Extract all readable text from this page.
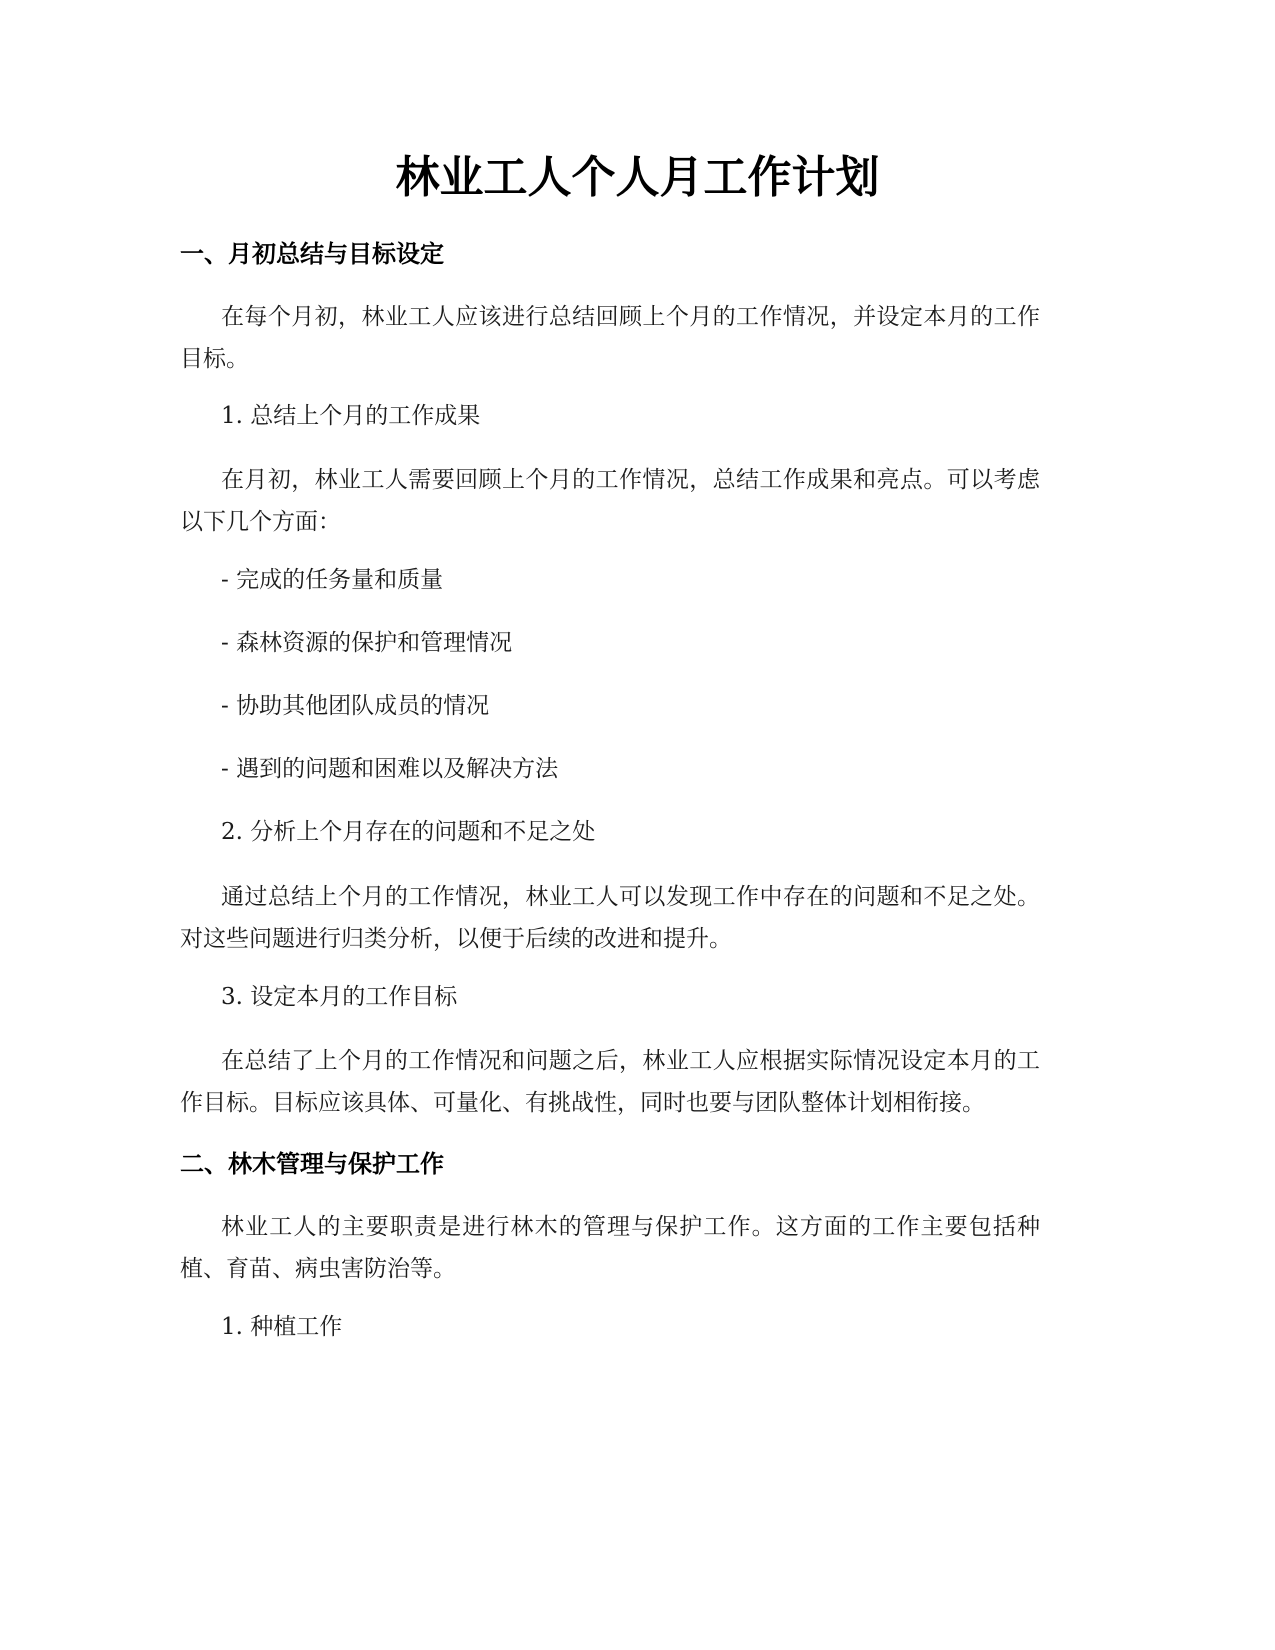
林业工人个人月工作计划
一、月初总结与目标设定

在每个月初，林业工人应该进行总结回顾上个月的工作情况，并设定本月的工作目标。

1. 总结上个月的工作成果

在月初，林业工人需要回顾上个月的工作情况，总结工作成果和亮点。可以考虑以下几个方面：

- 完成的任务量和质量

- 森林资源的保护和管理情况

- 协助其他团队成员的情况

- 遇到的问题和困难以及解决方法

2. 分析上个月存在的问题和不足之处

通过总结上个月的工作情况，林业工人可以发现工作中存在的问题和不足之处。对这些问题进行归类分析，以便于后续的改进和提升。

3. 设定本月的工作目标

在总结了上个月的工作情况和问题之后，林业工人应根据实际情况设定本月的工作目标。目标应该具体、可量化、有挑战性，同时也要与团队整体计划相衔接。

二、林木管理与保护工作

林业工人的主要职责是进行林木的管理与保护工作。这方面的工作主要包括种植、育苗、病虫害防治等。

1. 种植工作
